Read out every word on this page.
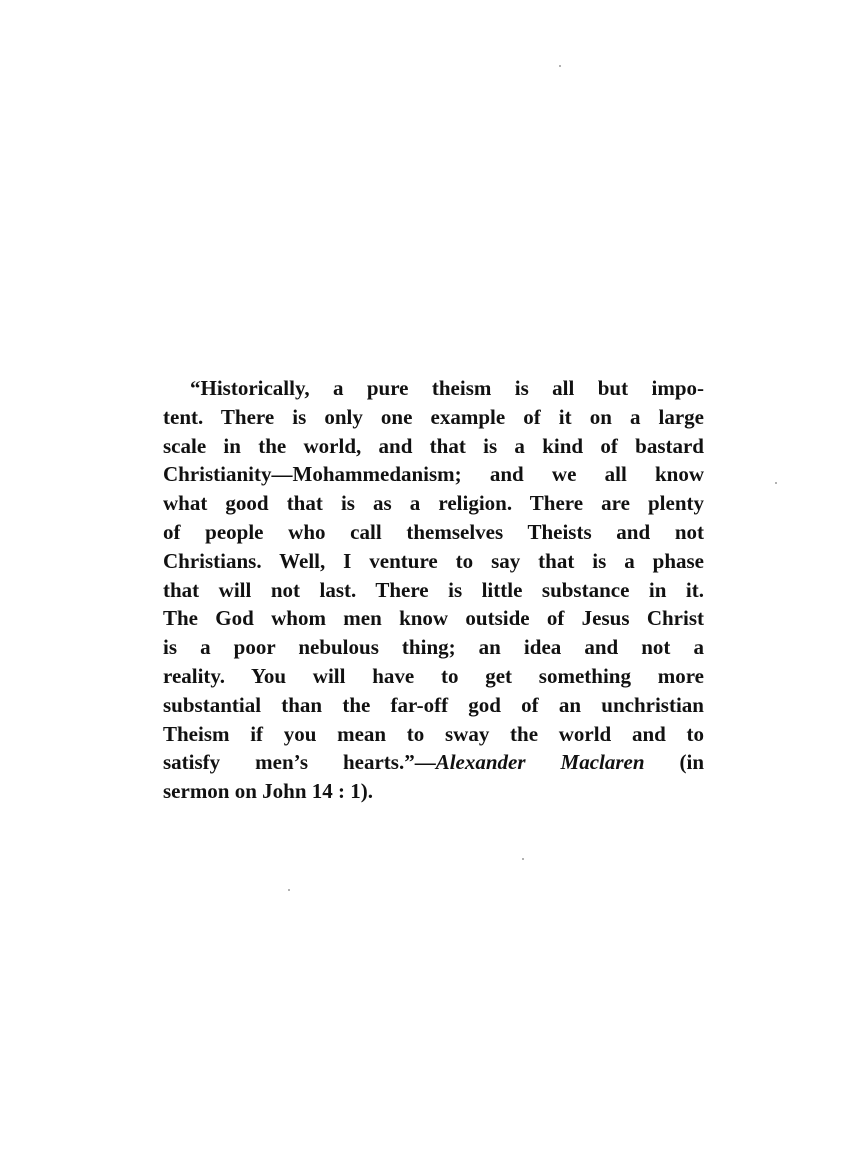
“Historically, a pure theism is all but impo-
tent. There is only one example of it on a large
scale in the world, and that is a kind of bastard
Christianity—Mohammedanism; and we all know
what good that is as a religion. There are plenty
of people who call themselves Theists and not
Christians. Well, I venture to say that is a phase
that will not last. There is little substance in it.
The God whom men know outside of Jesus Christ
is a poor nebulous thing; an idea and not a
reality. You will have to get something more
substantial than the far-off god of an unchristian
Theism if you mean to sway the world and to
satisfy men’s hearts.”—Alexander Maclaren (in
sermon on John 14 : 1).
